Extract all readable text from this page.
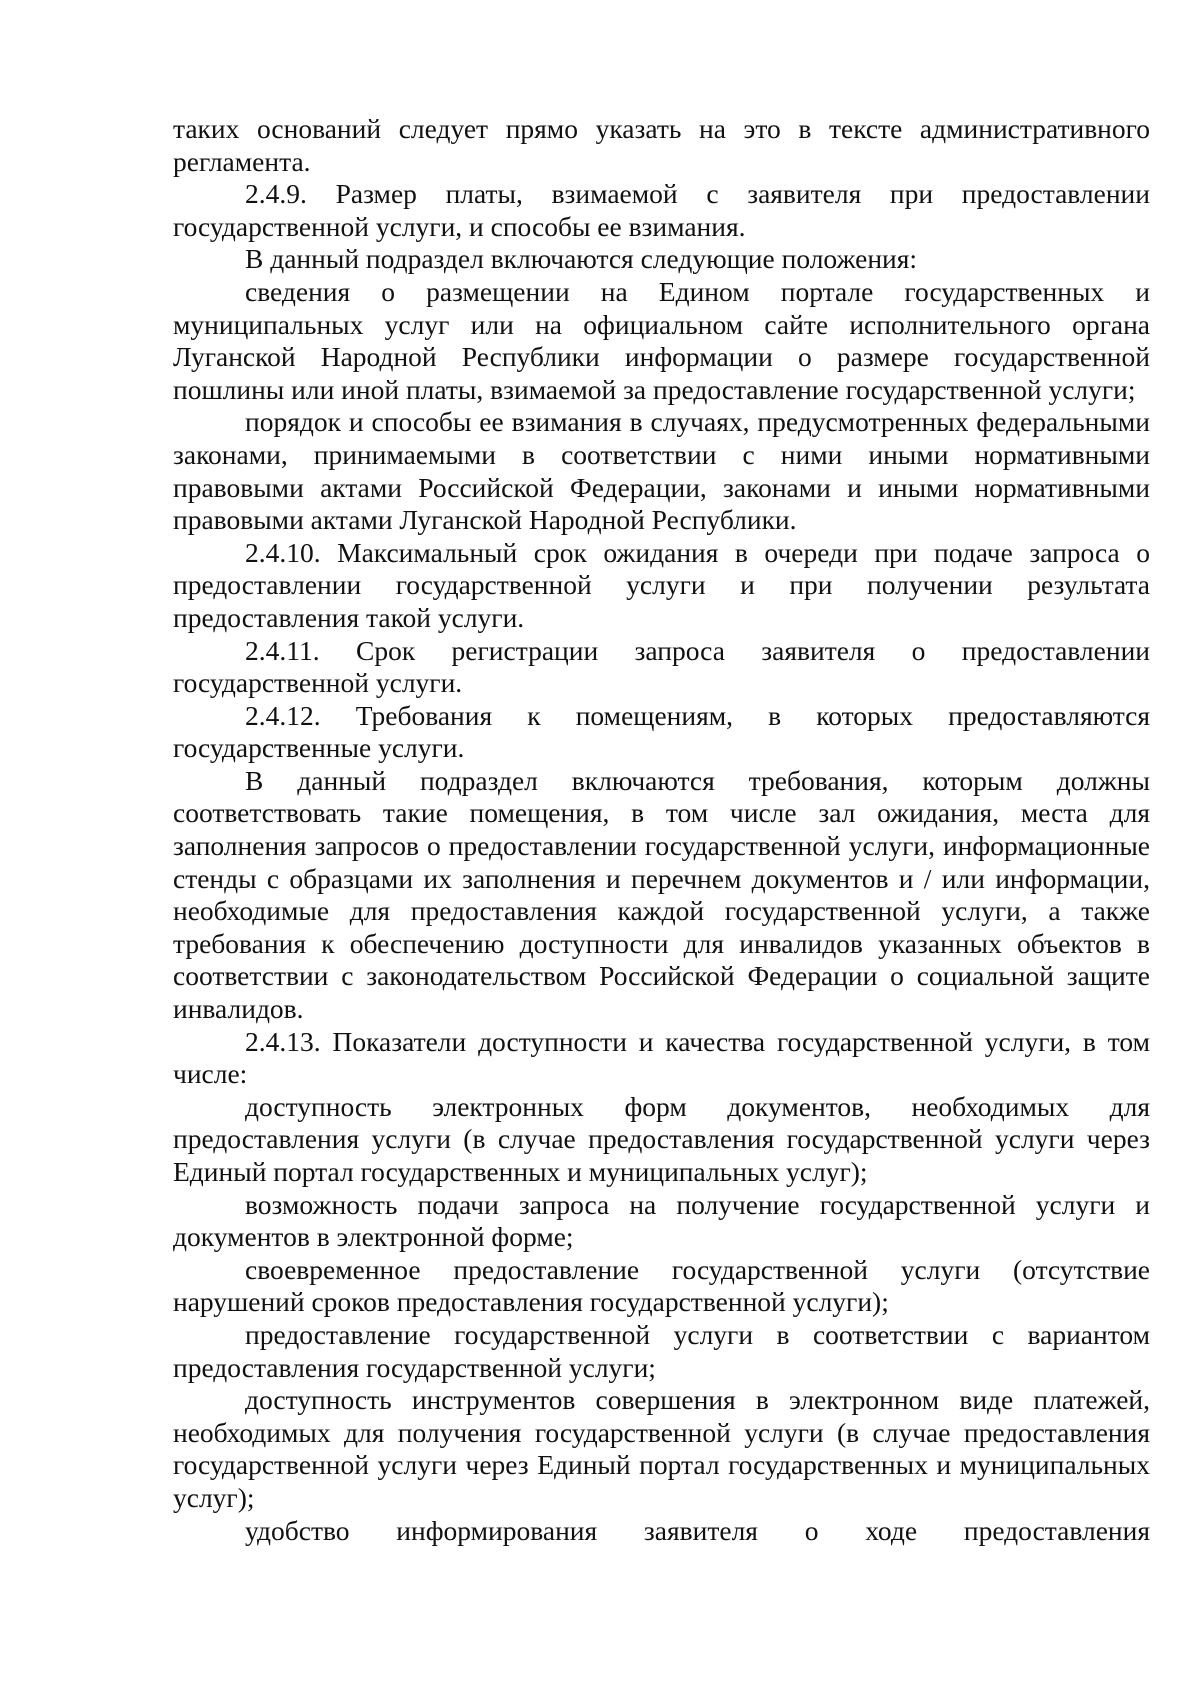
таких оснований следует прямо указать на это в тексте административного регламента.

2.4.9. Размер платы, взимаемой с заявителя при предоставлении государственной услуги, и способы ее взимания.

В данный подраздел включаются следующие положения:

сведения о размещении на Едином портале государственных и муниципальных услуг или на официальном сайте исполнительного органа Луганской Народной Республики информации о размере государственной пошлины или иной платы, взимаемой за предоставление государственной услуги;

порядок и способы ее взимания в случаях, предусмотренных федеральными законами, принимаемыми в соответствии с ними иными нормативными правовыми актами Российской Федерации, законами и иными нормативными правовыми актами Луганской Народной Республики.

2.4.10. Максимальный срок ожидания в очереди при подаче запроса о предоставлении государственной услуги и при получении результата предоставления такой услуги.

2.4.11. Срок регистрации запроса заявителя о предоставлении государственной услуги.

2.4.12. Требования к помещениям, в которых предоставляются государственные услуги.

В данный подраздел включаются требования, которым должны соответствовать такие помещения, в том числе зал ожидания, места для заполнения запросов о предоставлении государственной услуги, информационные стенды с образцами их заполнения и перечнем документов и / или информации, необходимые для предоставления каждой государственной услуги, а также требования к обеспечению доступности для инвалидов указанных объектов в соответствии с законодательством Российской Федерации о социальной защите инвалидов.

2.4.13. Показатели доступности и качества государственной услуги, в том числе:

доступность электронных форм документов, необходимых для предоставления услуги (в случае предоставления государственной услуги через Единый портал государственных и муниципальных услуг);

возможность подачи запроса на получение государственной услуги и документов в электронной форме;

своевременное предоставление государственной услуги (отсутствие нарушений сроков предоставления государственной услуги);

предоставление государственной услуги в соответствии с вариантом предоставления государственной услуги;

доступность инструментов совершения в электронном виде платежей, необходимых для получения государственной услуги (в случае предоставления государственной услуги через Единый портал государственных и муниципальных услуг);

удобство информирования заявителя о ходе предоставления
